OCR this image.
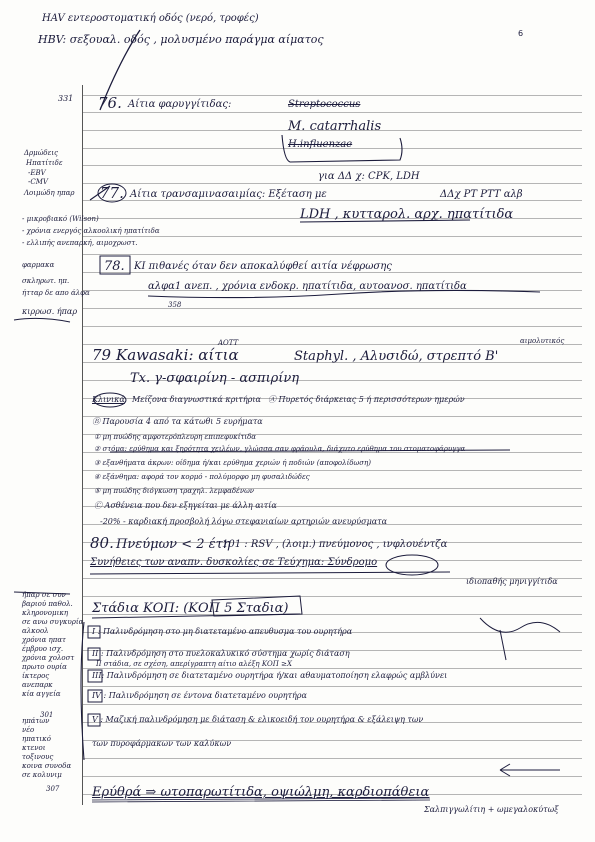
HAV εντεροστοματική οδός (νερό, τροφές)
HBV: σεξουαλ. οδός , μολυσμένο παράγμα αίματος	6
331
358
301
307
Δρμώδεις
Ηπατίτιδε
-EBV
-CMV
Λοιμώδη ηπαρ
- μικροβιακό (Wilson)
- χρόνια ενεργός αλκοολική ηπατίτιδα
- ελλιπής ανεπαρκή, αιμοχρωστ.
φαρμακα
σκληρωτ. ηπ.
ήτταρ δε απο άλφα
κιρρωσ. ήπαρ
ήπαρ σε συν
βαριού παθολ.
κληρονομικη
σε ανω συγκυρία
αλκοολ
χρόνια ηπατ
έμβρυο ισχ.
χρόνια χολοστ
πρωτο ουρία
ίκτερος
ανεπαρκ
κία αγγεία
ηπάτων
νέο
ηπατικό
κτενοι
τοξινους
κοινα συνοδα
σε κολυνιμ
76. Αίτια φαρυγγίτιδας:	Streptococcus
M. catarrhalis
H.influenzae
για ΔΔ χ: CPK, LDH
77. Αίτια τρανσαμινασαιμίας: Εξέταση με	ΔΔχ PT PTT αλβ
LDH , κυτταρολ. αρχ. ηπατίτιδα
78. ΚΙ πιθανές όταν δεν αποκαλύφθεί αιτία νέφρωσης
αλφα1 ανεπ. , χρόνια ενδοκρ. ηπατίτιδα, αυτοανοσ. ηπατίτιδα
ΑΟΤΤ	αιμολυτικός
79 Kawasaki: αίτια	Staphyl. , Αλυσιδώ, στρεπτό Β'
Tx. γ-σφαιρίνη - ασπιρίνη
Κλινικά Μείζονα διαγνωστικά κριτήρια Ⓐ Πυρετός διάρκειας 5 ή περισσότερων ημερών
Ⓑ Παρουσία 4 από τα κάτωθι 5 ευρήματα
① μη πυώδης αμφοτερόπλευρη επιπεφυκίτιδα
② στόμα: ερύθημα και ξηρότητα χειλέων, γλώσσα σαν φράουλα, διάχυτο ερύθημα του στοματοφάρυγγα
③ εξανθήματα άκρων: οίδημα ή/και ερύθημα χεριών ή ποδιών (αποφολίδωση)
④ εξάνθημα: αφορά τον κορμό - πολύμορφο μη φυσαλιδώδες
⑤ μη πυώδης διόγκωση τραχηλ. λεμφαδένων
Ⓒ Ασθένεια που δεν εξηγείται με άλλη αιτία
-20% - καρδιακή προσβολή λόγω στεφανιαίων αρτηριών ανευρύσματα
80. Πνεύμων < 2 έτη
101 : RSV , (λοιμ.) πνεύμονος , ινφλουέντζα
Συνήθειες των αναπν. δυσκολίες σε Τεύχημα: Σύνδρομο
ιδιοπαθής μηνιγγίτιδα
Στάδια ΚΟΠ: (ΚΟΠ 5 Σταδια)
Ι : Παλινδρόμηση στο μη διατεταμένο απευθυσμα του ουρητήρα
ΙΙ : Παλινδρόμηση στο πυελοκαλυκικό σύστημα χωρίς διάταση
ΙΙ στάδια, σε σχέση, απερίγραπτη αίτιο αλέξη ΚΟΠ ≥X
ΙΙΙ: Παλινδρόμηση σε διατεταμένο ουρητήρα ή/και αθαυματοποίηση ελαφρώς αμβλύνει
IV : Παλινδρόμηση σε έντονα διατεταμένο ουρητήρα
V : Μαζική παλινδρόμηση με διάταση & ελικοειδή τον ουρητήρα & εξάλειψη των
των πυροφάρμακων των καλύκων
Ερύθρά ⇒ ωτοπαρωτίτιδα, οψιώλμη, καρδιοπάθεια
Σαλπιγγωλίτιη + ωμεγαλοκύτωξ
